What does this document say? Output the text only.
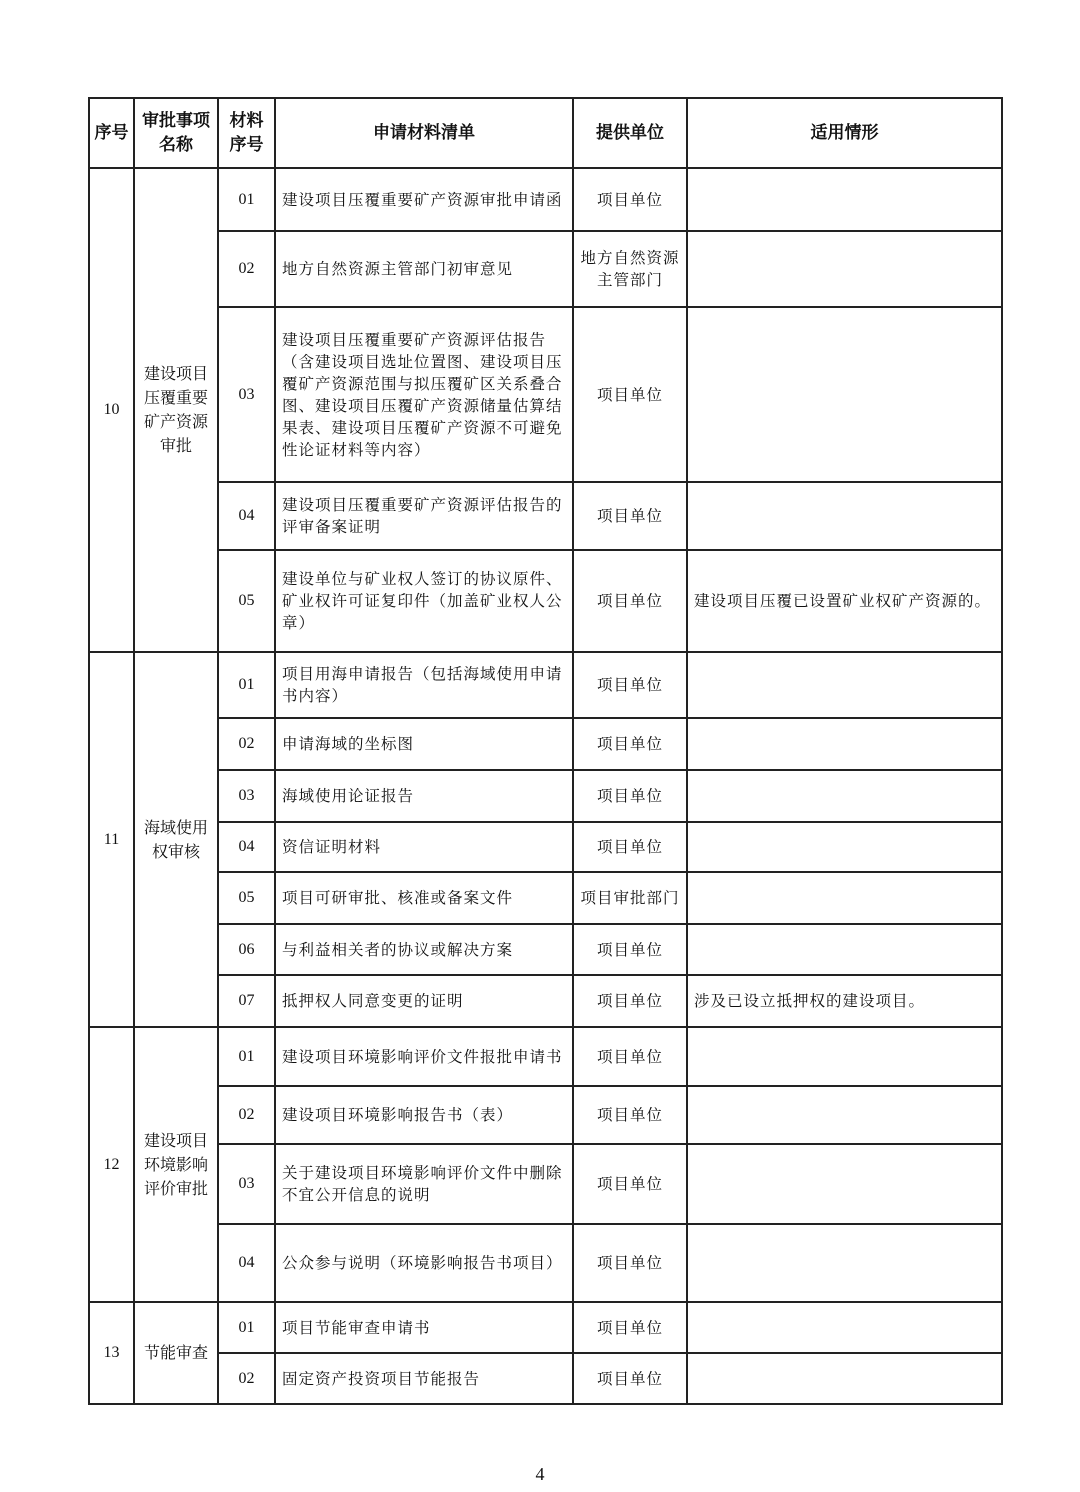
序号	审批事项名称	材料序号	申请材料清单	提供单位	适用情形
10	建设项目压覆重要矿产资源审批	01	建设项目压覆重要矿产资源审批申请函	项目单位	
		02	地方自然资源主管部门初审意见	地方自然资源主管部门	
		03	建设项目压覆重要矿产资源评估报告（含建设项目选址位置图、建设项目压覆矿产资源范围与拟压覆矿区关系叠合图、建设项目压覆矿产资源储量估算结果表、建设项目压覆矿产资源不可避免性论证材料等内容）	项目单位	
		04	建设项目压覆重要矿产资源评估报告的评审备案证明	项目单位	
		05	建设单位与矿业权人签订的协议原件、矿业权许可证复印件（加盖矿业权人公章）	项目单位	建设项目压覆已设置矿业权矿产资源的。
11	海域使用权审核	01	项目用海申请报告（包括海域使用申请书内容）	项目单位	
		02	申请海域的坐标图	项目单位	
		03	海域使用论证报告	项目单位	
		04	资信证明材料	项目单位	
		05	项目可研审批、核准或备案文件	项目审批部门	
		06	与利益相关者的协议或解决方案	项目单位	
		07	抵押权人同意变更的证明	项目单位	涉及已设立抵押权的建设项目。
12	建设项目环境影响评价审批	01	建设项目环境影响评价文件报批申请书	项目单位	
		02	建设项目环境影响报告书（表）	项目单位	
		03	关于建设项目环境影响评价文件中删除不宜公开信息的说明	项目单位	
		04	公众参与说明（环境影响报告书项目）	项目单位	
13	节能审查	01	项目节能审查申请书	项目单位	
		02	固定资产投资项目节能报告	项目单位	
4
